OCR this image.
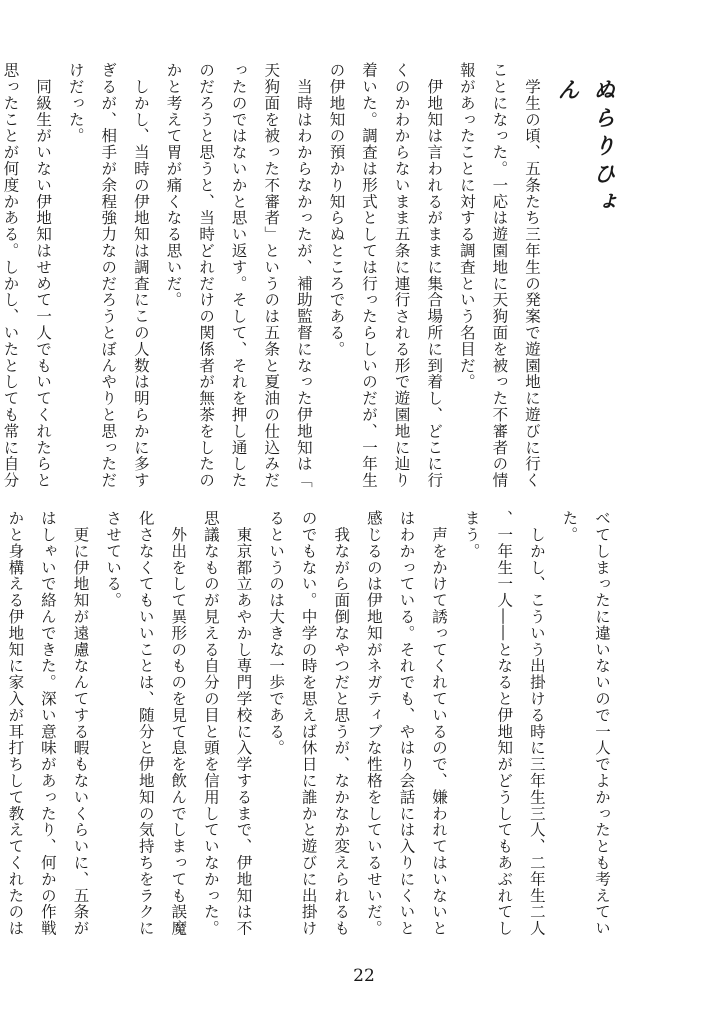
ぬらりひょん

　学生の頃、五条たち三年生の発案で遊園地に遊びに行くことになった。一応は遊園地に天狗面を被った不審者の情報があったことに対する調査という名目だ。

　伊地知は言われるがままに集合場所に到着し、どこに行くのかわからないまま五条に連行される形で遊園地に辿り着いた。調査は形式としては行ったらしいのだが、一年生の伊地知の預かり知らぬところである。

　当時はわからなかったが、補助監督になった伊地知は「天狗面を被った不審者」というのは五条と夏油の仕込みだったのではないかと思い返す。そして、それを押し通したのだろうと思うと、当時どれだけの関係者が無茶をしたのかと考えて胃が痛くなる思いだ。

　しかし、当時の伊地知は調査にこの人数は明らかに多すぎるが、相手が余程強力なのだろうとぼんやりと思っただけだった。

　同級生がいない伊地知はせめて一人でもいてくれたらと思ったことが何度かある。しかし、いたとしても常に自分

べてしまったに違いないので一人でよかったとも考えていた。

　しかし、こういう出掛ける時に三年生三人、二年生二人、一年生一人――となると伊地知がどうしてもあぶれてしまう。

　声をかけて誘ってくれているので、嫌われてはいないとはわかっている。それでも、やはり会話には入りにくいと感じるのは伊地知がネガティブな性格をしているせいだ。

　我ながら面倒なやつだと思うが、なかなか変えられるものでもない。中学の時を思えば休日に誰かと遊びに出掛けるというのは大きな一歩である。

　東京都立あやかし専門学校に入学するまで、伊地知は不思議なものが見える自分の目と頭を信用していなかった。

　外出をして異形のものを見て息を飲んでしまっても誤魔化さなくてもいいことは、随分と伊地知の気持ちをラクにさせている。

　更に伊地知が遠慮なんてする暇もないくらいに、五条がはしゃいで絡んできた。深い意味があったり、何かの作戦かと身構える伊地知に家入が耳打ちして教えてくれたのは

22
